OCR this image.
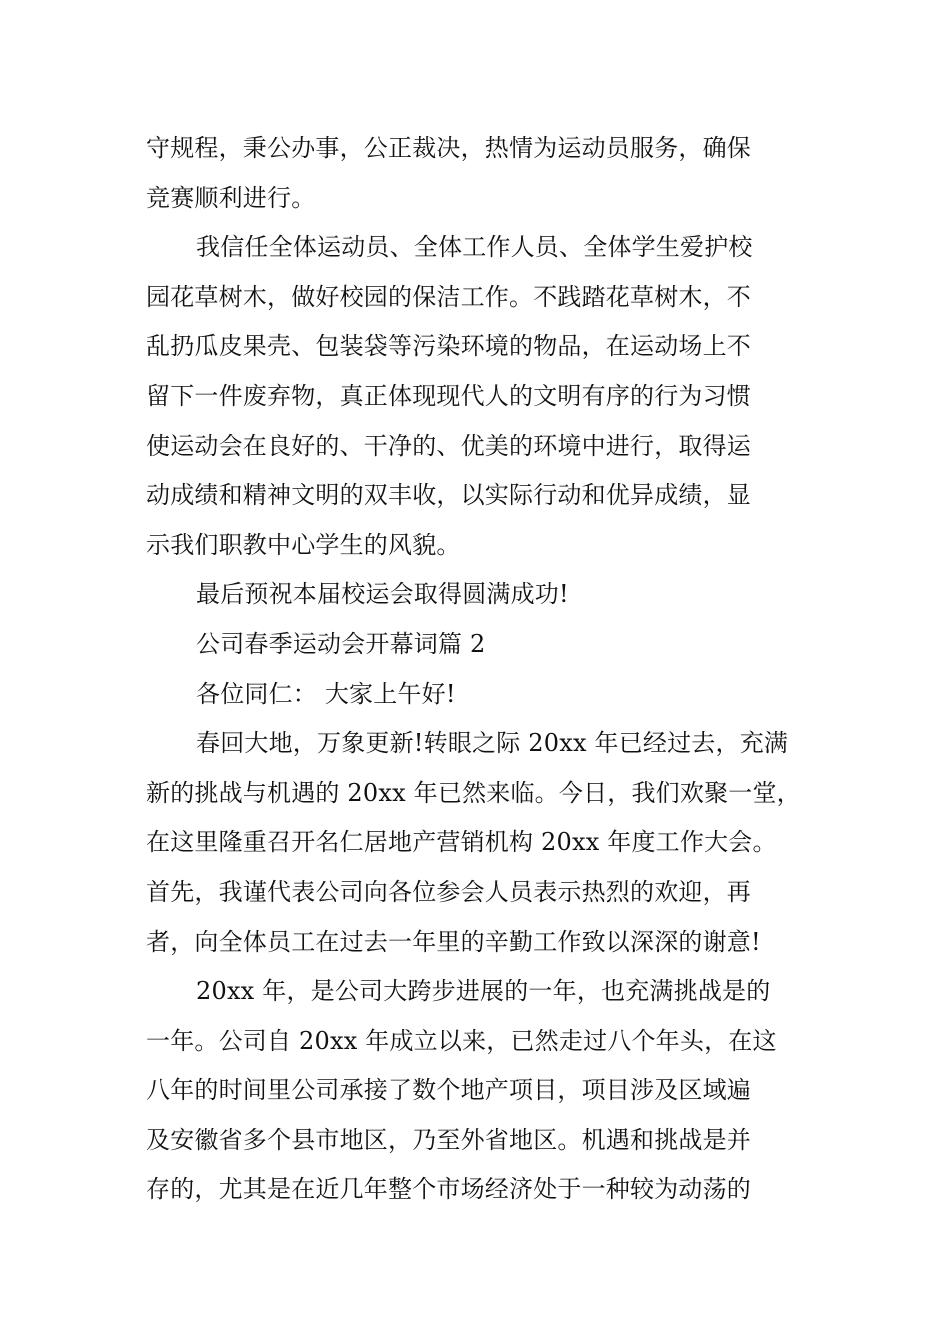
守规程，秉公办事，公正裁决，热情为运动员服务，确保
竞赛顺利进行。
我信任全体运动员、全体工作人员、全体学生爱护校
园花草树木，做好校园的保洁工作。不践踏花草树木，不
乱扔瓜皮果壳、包装袋等污染环境的物品，在运动场上不
留下一件废弃物，真正体现现代人的文明有序的行为习惯
使运动会在良好的、干净的、优美的环境中进行，取得运
动成绩和精神文明的双丰收，以实际行动和优异成绩，显
示我们职教中心学生的风貌。
最后预祝本届校运会取得圆满成功!
公司春季运动会开幕词篇 2
各位同仁： 大家上午好!
春回大地，万象更新!转眼之际 20xx 年已经过去，充满
新的挑战与机遇的 20xx 年已然来临。今日，我们欢聚一堂，
在这里隆重召开名仁居地产营销机构 20xx 年度工作大会。
首先，我谨代表公司向各位参会人员表示热烈的欢迎，再
者，向全体员工在过去一年里的辛勤工作致以深深的谢意!
20xx 年，是公司大跨步进展的一年，也充满挑战是的
一年。公司自 20xx 年成立以来，已然走过八个年头，在这
八年的时间里公司承接了数个地产项目，项目涉及区域遍
及安徽省多个县市地区，乃至外省地区。机遇和挑战是并
存的，尤其是在近几年整个市场经济处于一种较为动荡的
